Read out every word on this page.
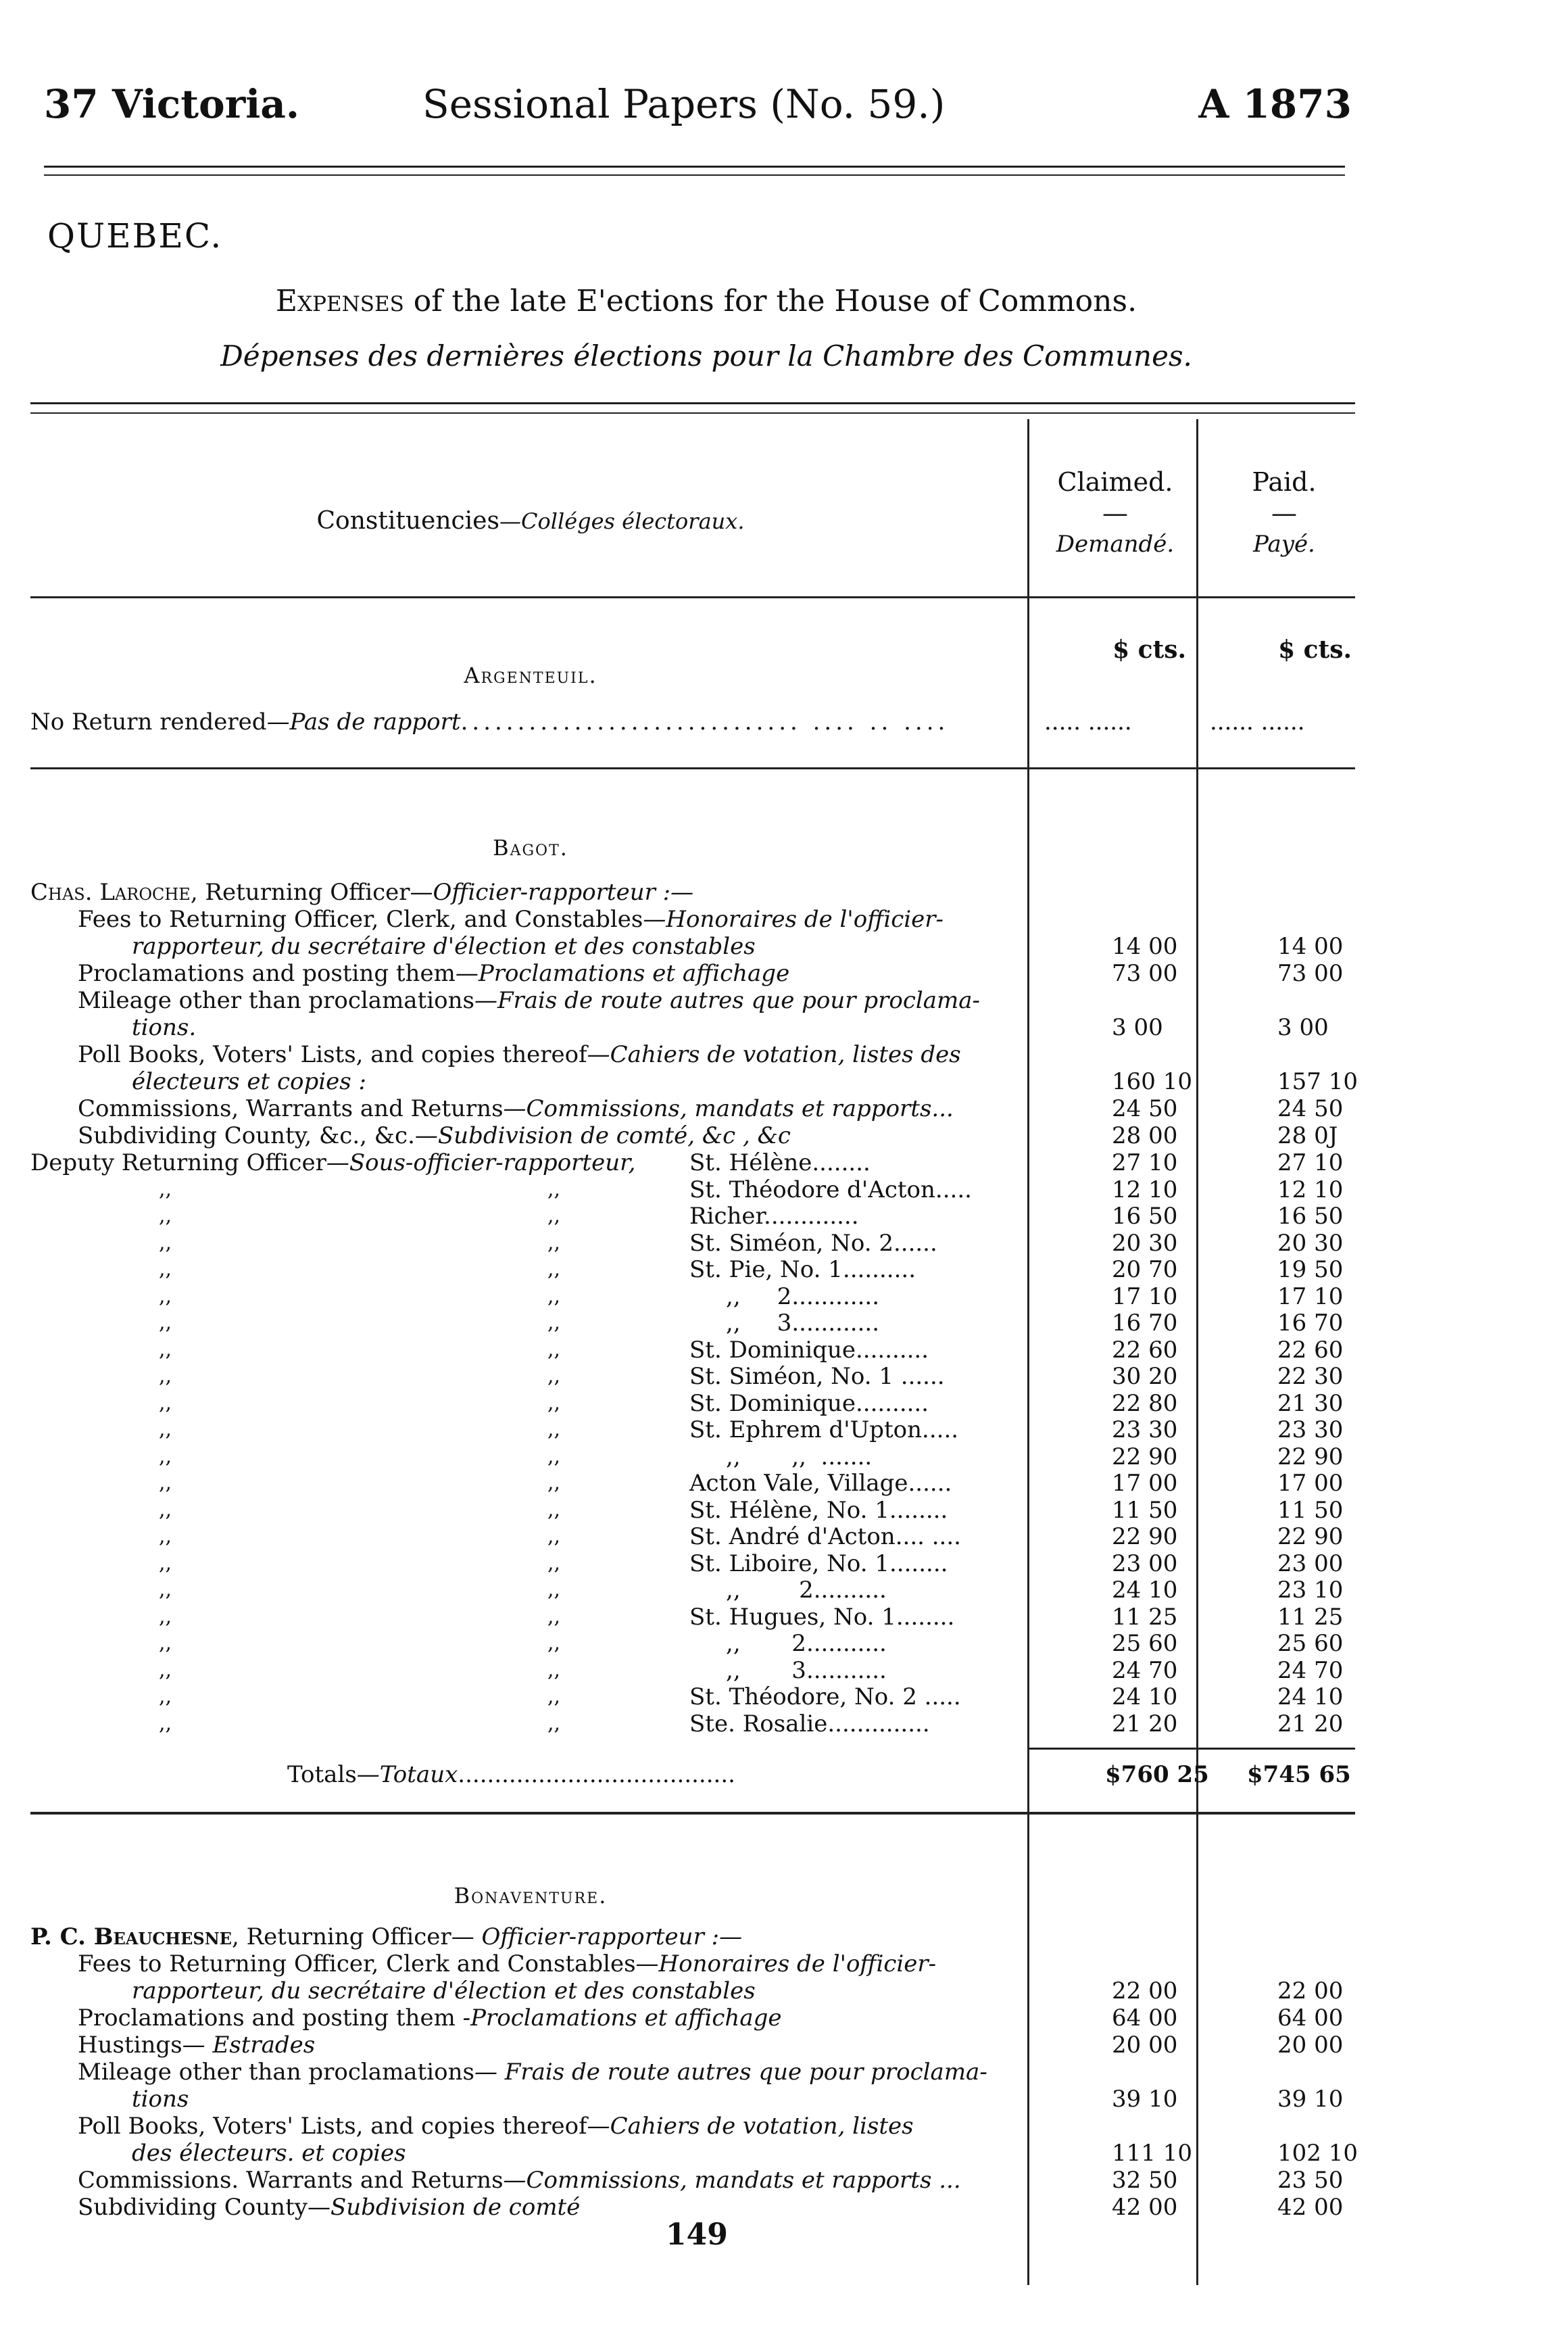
37 Victoria.	Sessional Papers (No. 59.)	A 1873
QUEBEC.
Expenses of the late E'ections for the House of Commons.
Dépenses des dernières élections pour la Chambre des Communes.
Constituencies—Colléges électoraux.
Claimed.
—
Demandé.
Paid.
—
Payé.
$ cts.	$ cts.
Argenteuil.
No Return rendered—Pas de rapport.............................. .... .. ....	..... ......	...... ......
Bagot.
Chas. Laroche, Returning Officer—Officier-rapporteur :—
Fees to Returning Officer, Clerk, and Constables—Honoraires de l'officier-
rapporteur, du secrétaire d'élection et des constables	14 00	14 00
Proclamations and posting them—Proclamations et affichage	73 00	73 00
Mileage other than proclamations—Frais de route autres que pour proclama-
tions.	3 00	3 00
Poll Books, Voters' Lists, and copies thereof—Cahiers de votation, listes des
électeurs et copies :	160 10	157 10
Commissions, Warrants and Returns—Commissions, mandats et rapports...	24 50	24 50
Subdividing County, &c., &c.—Subdivision de comté, &c , &c	28 00	28 0J
Deputy Returning Officer—Sous-officier-rapporteur,	St. Hélène........	27 10	27 10
,,	,,	St. Théodore d'Acton.....	12 10	12 10
,,	,,	Richer.............	16 50	16 50
,,	,,	St. Siméon, No. 2......	20 30	20 30
,,	,,	St. Pie, No. 1..........	20 70	19 50
,,	,,	,,     2............	17 10	17 10
,,	,,	,,     3............	16 70	16 70
,,	,,	St. Dominique..........	22 60	22 60
,,	,,	St. Siméon, No. 1 ......	30 20	22 30
,,	,,	St. Dominique..........	22 80	21 30
,,	,,	St. Ephrem d'Upton.....	23 30	23 30
,,	,,	,,       ,,  .......	22 90	22 90
,,	,,	Acton Vale, Village......	17 00	17 00
,,	,,	St. Hélène, No. 1........	11 50	11 50
,,	,,	St. André d'Acton.... ....	22 90	22 90
,,	,,	St. Liboire, No. 1........	23 00	23 00
,,	,,	,,        2..........	24 10	23 10
,,	,,	St. Hugues, No. 1........	11 25	11 25
,,	,,	,,       2...........	25 60	25 60
,,	,,	,,       3...........	24 70	24 70
,,	,,	St. Théodore, No. 2 .....	24 10	24 10
,,	,,	Ste. Rosalie..............	21 20	21 20
Totals—Totaux......................................	$760 25 $745 65
Bonaventure.
P. C. Beauchesne, Returning Officer— Officier-rapporteur :—
Fees to Returning Officer, Clerk and Constables—Honoraires de l'officier-
rapporteur, du secrétaire d'élection et des constables	22 00	22 00
Proclamations and posting them -Proclamations et affichage	64 00	64 00
Hustings— Estrades	20 00	20 00
Mileage other than proclamations— Frais de route autres que pour proclama-
tions	39 10	39 10
Poll Books, Voters' Lists, and copies thereof—Cahiers de votation, listes
des électeurs. et copies	111 10	102 10
Commissions. Warrants and Returns—Commissions, mandats et rapports ...	32 50	23 50
Subdividing County—Subdivision de comté	42 00	42 00
149
